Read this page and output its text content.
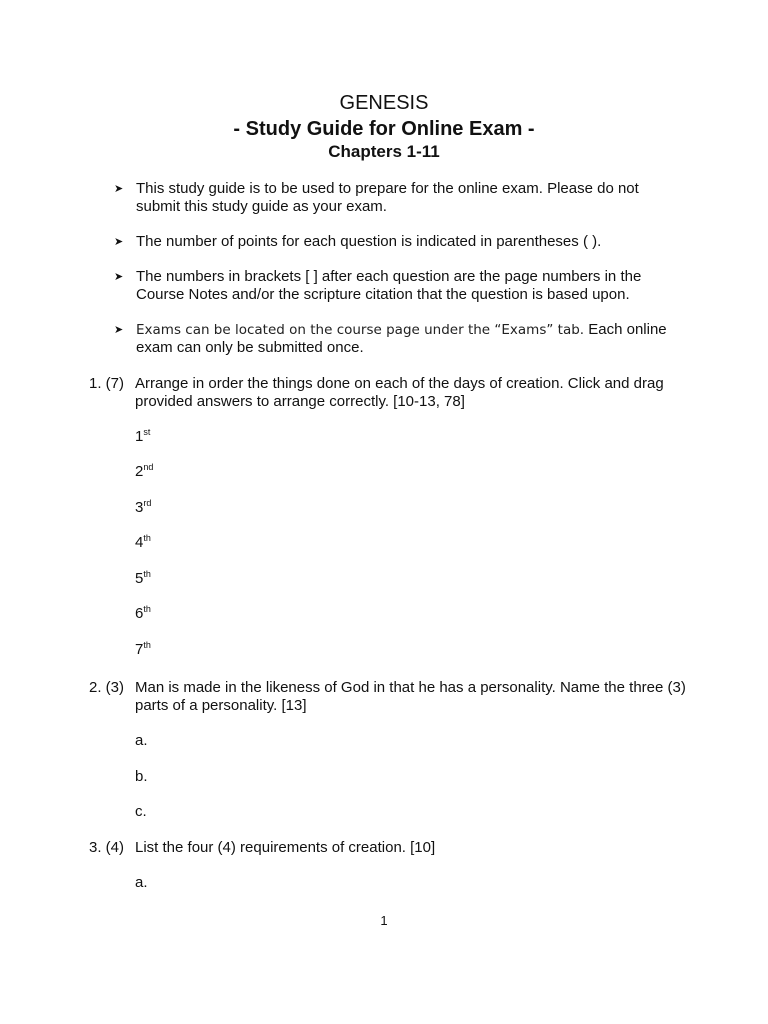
GENESIS
- Study Guide for Online Exam -
Chapters 1-11
➤ This study guide is to be used to prepare for the online exam. Please do not submit this study guide as your exam.
➤ The number of points for each question is indicated in parentheses ( ).
➤ The numbers in brackets [ ] after each question are the page numbers in the Course Notes and/or the scripture citation that the question is based upon.
➤ Exams can be located on the course page under the “Exams” tab. Each online exam can only be submitted once.
1. (7) Arrange in order the things done on each of the days of creation. Click and drag provided answers to arrange correctly. [10-13, 78]
1st
2nd
3rd
4th
5th
6th
7th
2. (3) Man is made in the likeness of God in that he has a personality. Name the three (3) parts of a personality. [13]
a.
b.
c.
3. (4) List the four (4) requirements of creation. [10]
a.
1
